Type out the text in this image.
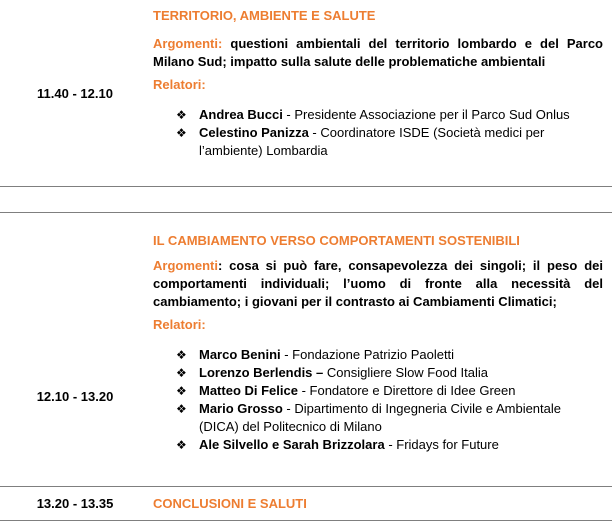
11.40 - 12.10

TERRITORIO, AMBIENTE E SALUTE

Argomenti: questioni ambientali del territorio lombardo e del Parco Milano Sud; impatto sulla salute delle problematiche ambientali

Relatori:

❖ Andrea Bucci - Presidente Associazione per il Parco Sud Onlus
❖ Celestino Panizza - Coordinatore ISDE (Società medici per l’ambiente) Lombardia
12.10 - 13.20

IL CAMBIAMENTO VERSO COMPORTAMENTI SOSTENIBILI

Argomenti: cosa si può fare, consapevolezza dei singoli; il peso dei comportamenti individuali; l’uomo di fronte alla necessità del cambiamento; i giovani per il contrasto ai Cambiamenti Climatici;

Relatori:

❖ Marco Benini - Fondazione Patrizio Paoletti
❖ Lorenzo Berlendis – Consigliere Slow Food Italia
❖ Matteo Di Felice - Fondatore e Direttore di Idee Green
❖ Mario Grosso - Dipartimento di Ingegneria Civile e Ambientale (DICA) del Politecnico di Milano
❖ Ale Silvello e Sarah Brizzolara - Fridays for Future
13.20 - 13.35	CONCLUSIONI E SALUTI
